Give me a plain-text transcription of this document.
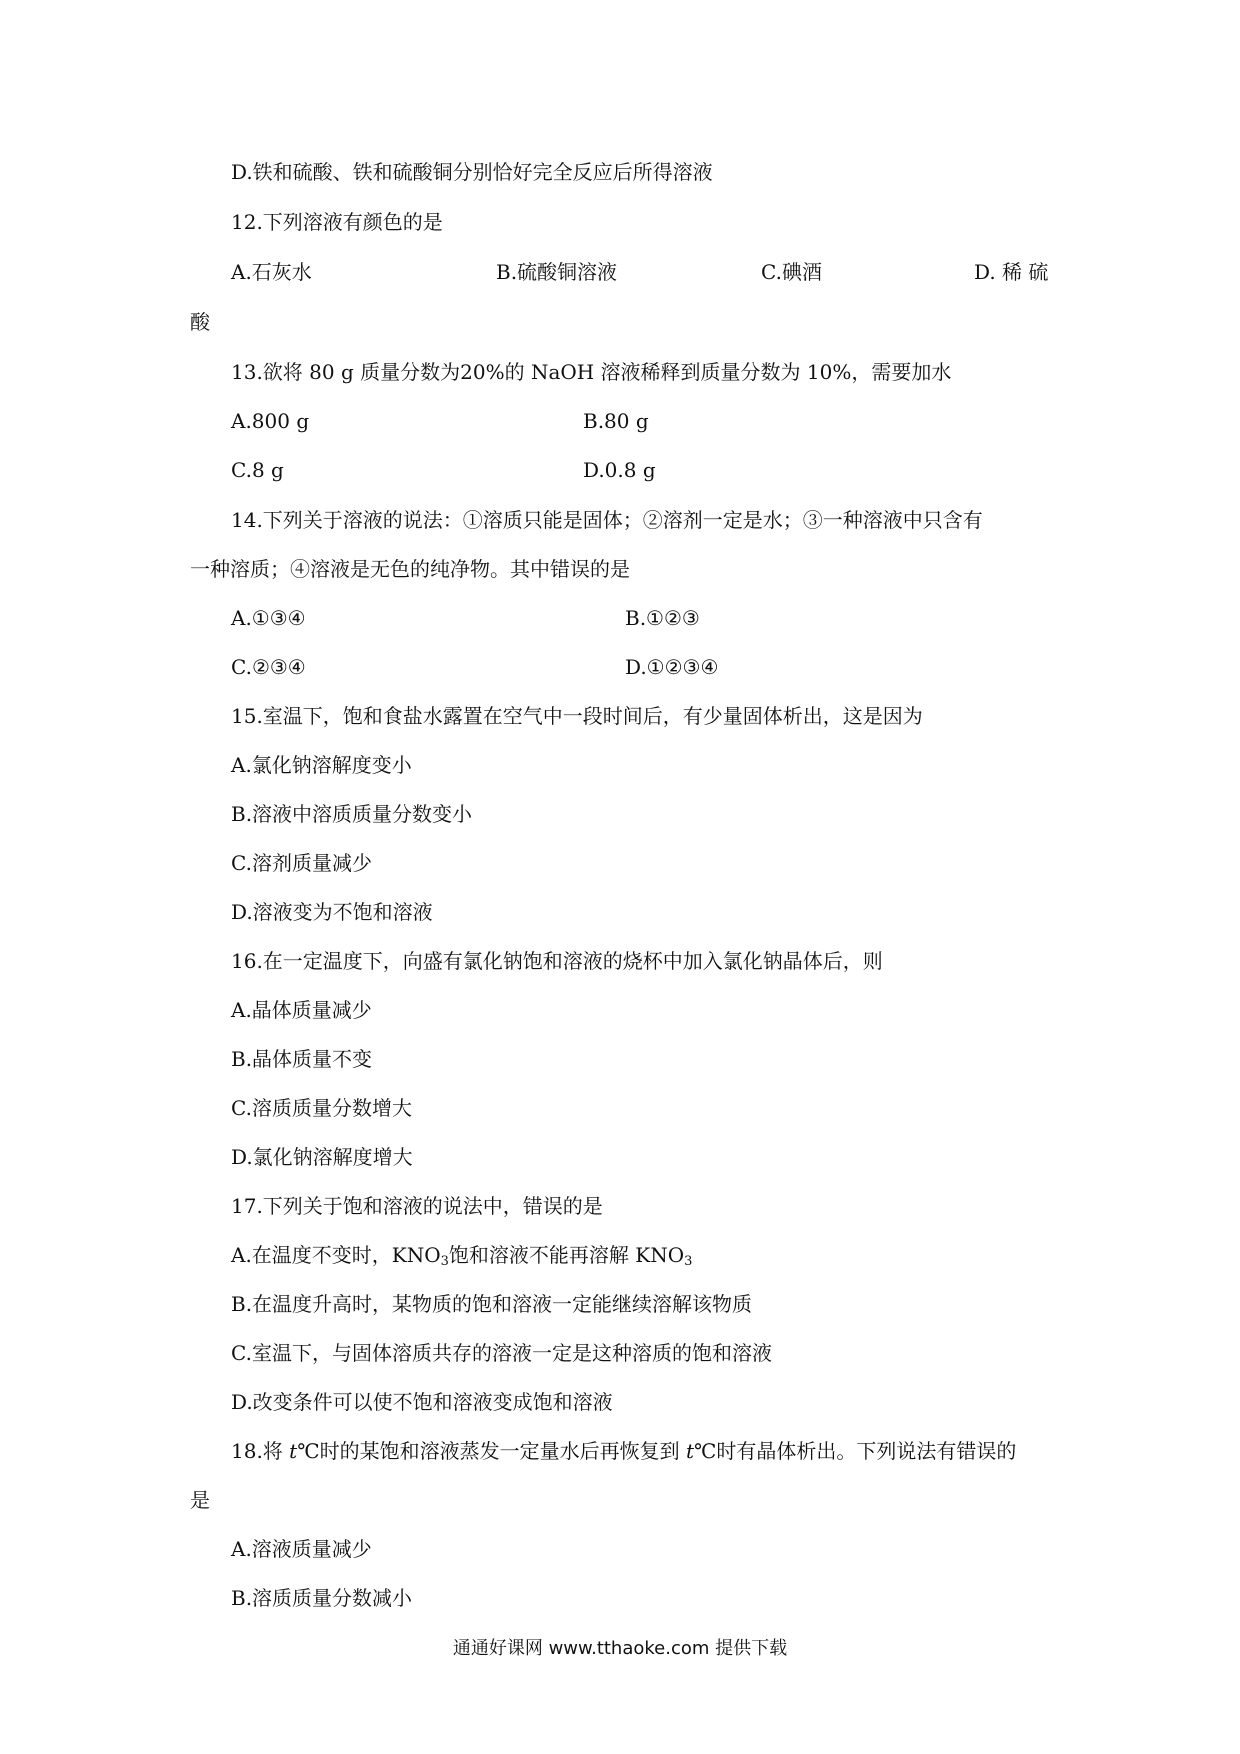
D.铁和硫酸、铁和硫酸铜分别恰好完全反应后所得溶液
12.下列溶液有颜色的是
A.石灰水	B.硫酸铜溶液	C.碘酒	D. 稀 硫
酸
13.欲将 80 g 质量分数为20%的 NaOH 溶液稀释到质量分数为 10%，需要加水
A.800 g	B.80 g
C.8 g	D.0.8 g
14.下列关于溶液的说法：①溶质只能是固体；②溶剂一定是水；③一种溶液中只含有
一种溶质；④溶液是无色的纯净物。其中错误的是
A.①③④	B.①②③
C.②③④	D.①②③④
15.室温下，饱和食盐水露置在空气中一段时间后，有少量固体析出，这是因为
A.氯化钠溶解度变小
B.溶液中溶质质量分数变小
C.溶剂质量减少
D.溶液变为不饱和溶液
16.在一定温度下，向盛有氯化钠饱和溶液的烧杯中加入氯化钠晶体后，则
A.晶体质量减少
B.晶体质量不变
C.溶质质量分数增大
D.氯化钠溶解度增大
17.下列关于饱和溶液的说法中，错误的是
A.在温度不变时，$KNO_3$饱和溶液不能再溶解 $KNO_3$
B.在温度升高时，某物质的饱和溶液一定能继续溶解该物质
C.室温下，与固体溶质共存的溶液一定是这种溶质的饱和溶液
D.改变条件可以使不饱和溶液变成饱和溶液
18.将 t℃时的某饱和溶液蒸发一定量水后再恢复到 t℃时有晶体析出。下列说法有错误的
是
A.溶液质量减少
B.溶质质量分数减小
通通好课网 www.tthaoke.com 提供下载
